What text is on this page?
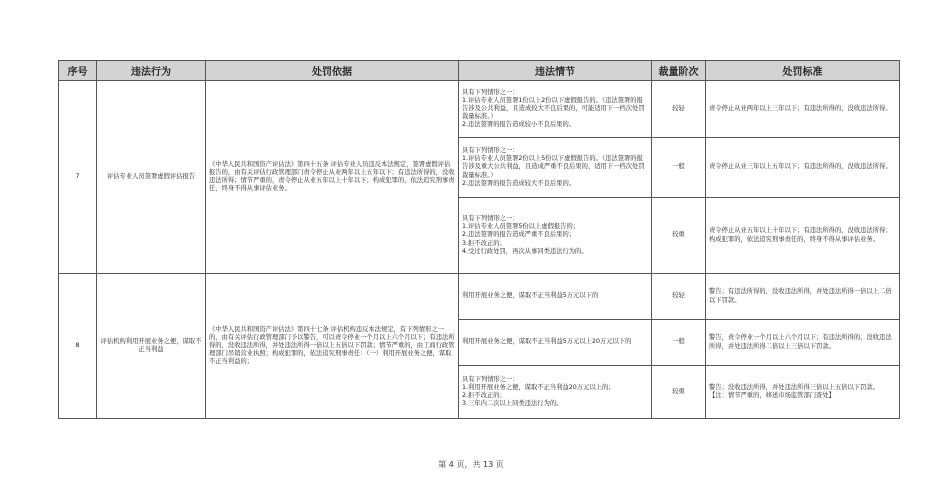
序号	违法行为	处罚依据	违法情节	裁量阶次	处罚标准
7	评估专业人员签署虚假评估报告	《中华人民共和国资产评估法》第四十五条 评估专业人员违反本法规定，签署虚假评估报告的，由有关评估行政管理部门责令停止从业两年以上五年以下；有违法所得的，没收违法所得；情节严重的，责令停止从业五年以上十年以下；构成犯罪的，依法追究刑事责任，终身不得从事评估业务。	具有下列情形之一：
1.评估专业人员签署1份以上2份以下虚假报告的。（违法签署的报告涉及公共利益，且造成较大不良后果的，可能适用下一档次处罚裁量标准。）
2.违法签署的报告造成较小不良后果的。	较轻	责令停止从业两年以上三年以下；有违法所得的，没收违法所得。
			具有下列情形之一：
1.评估专业人员签署2份以上5份以下虚假报告的。（违法签署的报告涉及重大公共利益，且造成严重不良后果的，适用下一档次处罚裁量标准。）
2.违法签署的报告造成较大不良后果的。	一般	责令停止从业三年以上五年以下；有违法所得的，没收违法所得。
			具有下列情形之一：
1.评估专业人员签署5份以上虚假报告的；
2.违法签署的报告造成严重不良后果的；
3.拒不改正的；
4.受过行政处罚，再次从事同类违法行为的。	较重	责令停止从业五年以上十年以下；有违法所得的，没收违法所得；构成犯罪的，依法追究刑事责任的，终身不得从事评估业务。
8	评估机构利用开展业务之便，谋取不正当利益	《中华人民共和国资产评估法》第四十七条 评估机构违反本法规定，有下列情形之一的，由有关评估行政管理部门予以警告，可以责令停业一个月以上六个月以下；有违法所得的，没收违法所得，并处违法所得一倍以上五倍以下罚款；情节严重的，由工商行政管理部门吊销营业执照；构成犯罪的，依法追究刑事责任：（一）利用开展业务之便，谋取不正当利益的；	利用开展业务之便，谋取不正当利益5万元以下的	较轻	警告；有违法所得的，没收违法所得，并处违法所得一倍以上二倍以下罚款。
			利用开展业务之便，谋取不正当利益5万元以上20万元以下的	一般	警告，责令停业一个月以上六个月以下；有违法所得的，没收违法所得，并处违法所得二倍以上三倍以下罚款。
			具有下列情形之一：
1.利用开展业务之便，谋取不正当利益20万元以上的；
2.拒不改正的；
3.三年内二次以上同类违法行为的。	较重	警告；没收违法所得，并处违法所得三倍以上五倍以下罚款。
【注：情节严重的，移送市场监管部门查处】
第 4 页，共 13 页
